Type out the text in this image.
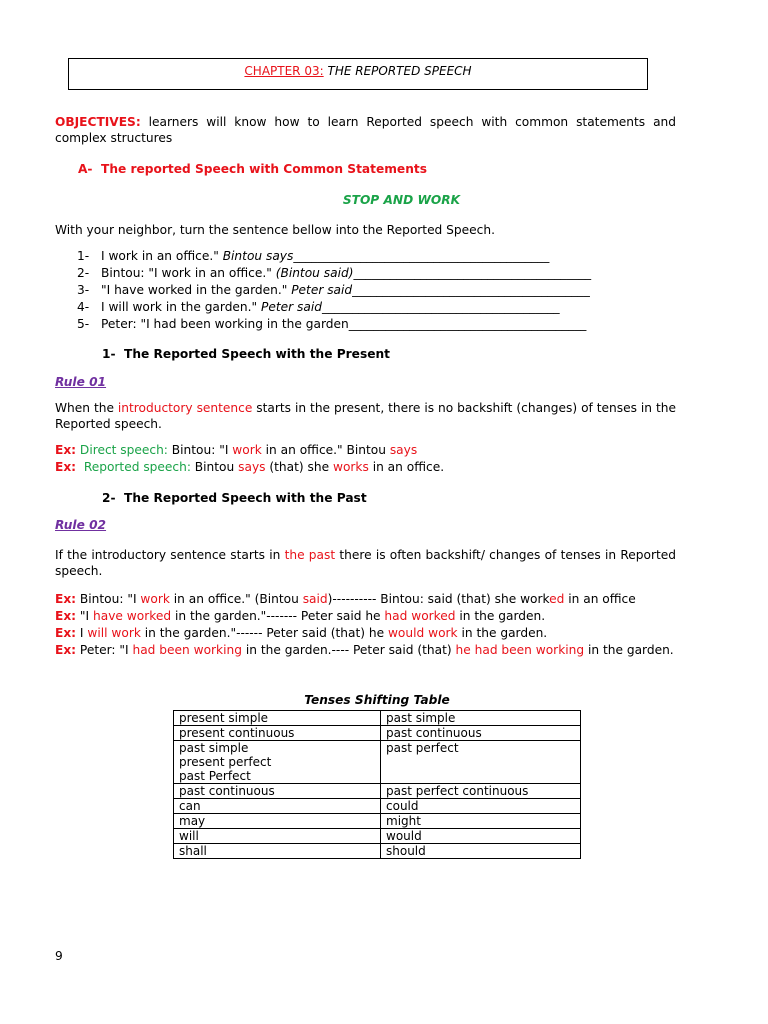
CHAPTER 03: THE REPORTED SPEECH
OBJECTIVES: learners will know how to learn Reported speech with common statements and complex structures
A- The reported Speech with Common Statements
STOP AND WORK
With your neighbor, turn the sentence bellow into the Reported Speech.
1- I work in an office." Bintou says__________________________________________
2- Bintou: "I work in an office." (Bintou said)_______________________________________
3- "I have worked in the garden." Peter said_______________________________________
4- I will work in the garden." Peter said_______________________________________
5- Peter: "I had been working in the garden_______________________________________
1- The Reported Speech with the Present
Rule 01
When the introductory sentence starts in the present, there is no backshift (changes) of tenses in the Reported speech.
Ex: Direct speech: Bintou: "I work in an office." Bintou says
Ex: Reported speech: Bintou says (that) she works in an office.
2- The Reported Speech with the Past
Rule 02
If the introductory sentence starts in the past there is often backshift/ changes of tenses in Reported speech.
Ex: Bintou: "I work in an office." (Bintou said)---------- Bintou: said (that) she worked in an office
Ex: "I have worked in the garden."------- Peter said he had worked in the garden.
Ex: I will work in the garden."------ Peter said (that) he would work in the garden.
Ex: Peter: "I had been working in the garden.---- Peter said (that) he had been working in the garden.
Tenses Shifting Table
present simple	past simple
present continuous	past continuous

past simple
present perfect
past Perfect	past perfect
past continuous	past perfect continuous
can	could
may	might
will	would
shall	should
9
